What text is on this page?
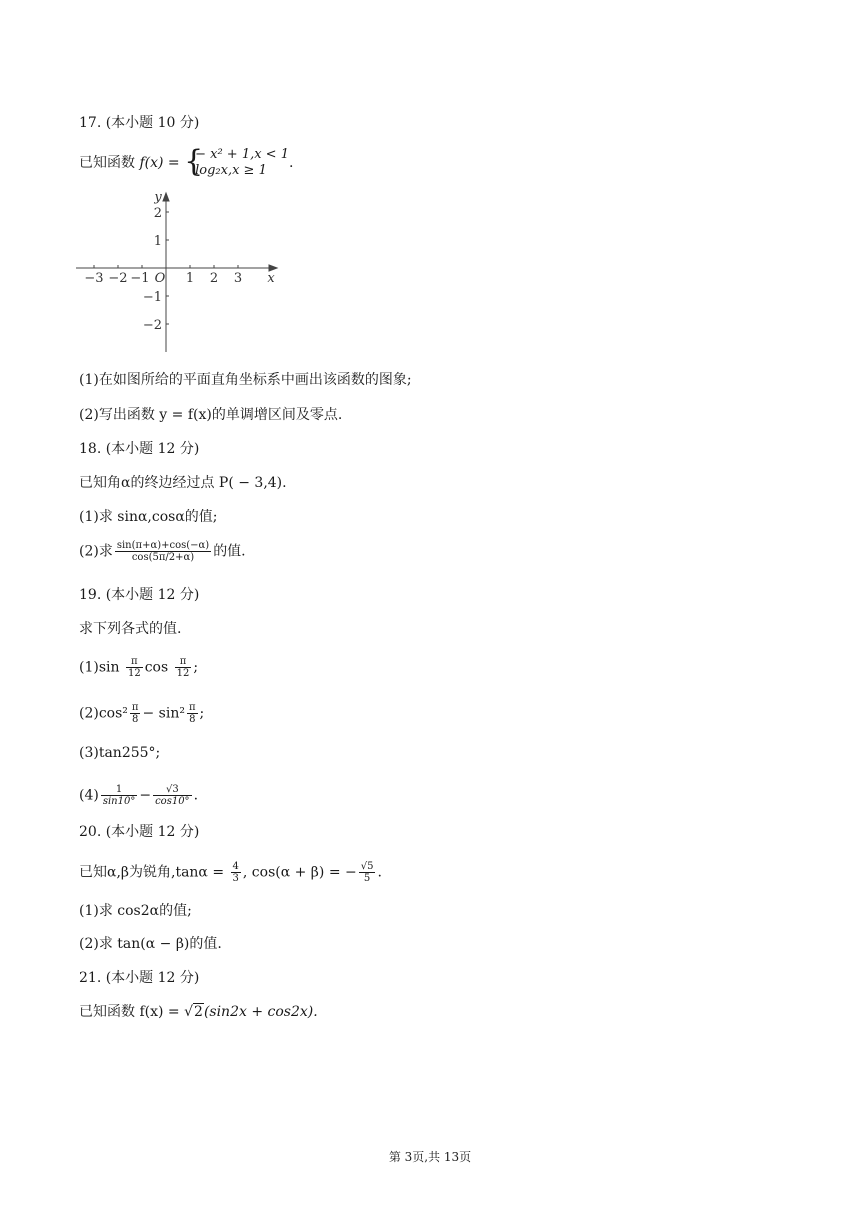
17. (本小题 10 分)
已知函数 f(x) = {
− x² + 1,x < 1
log₂x,x ≥ 1	.
−3 −2 −1	1 2 3
O	x
y
2
1
−1
−2
(1)在如图所给的平面直角坐标系中画出该函数的图象;
(2)写出函数 y = f(x)的单调增区间及零点.
18. (本小题 12 分)
已知角α的终边经过点 P( − 3,4).
(1)求 sinα,cosα的值;
(2)求 $\frac{\sin(\pi+\alpha)+\cos(-\alpha)}{\cos(5\pi/2+\alpha)}$ 的值.
19. (本小题 12 分)
求下列各式的值.
$(1)\sin \frac{\pi}{12}$ $\cos \frac{\pi}{12}$ ;
$(2)\cos^2 \frac{\pi}{8} - \sin^2 \frac{\pi}{8}$ ;
(3)tan255°;
$(4) \frac{1}{\sin 10^\circ} - \frac{√3}{\cos 10^\circ}$ .
20. (本小题 12 分)
已知α,β为锐角$,\tan\alpha = \frac{4}{3}$ , cos(α + β) = − $\frac{√5}{5}$ .
(1)求 cos2α的值;
(2)求 tan(α − β)的值.
21. (本小题 12 分)
已知函数 f(x) = √2(sin2x + cos2x).
第 3页,共 13页
